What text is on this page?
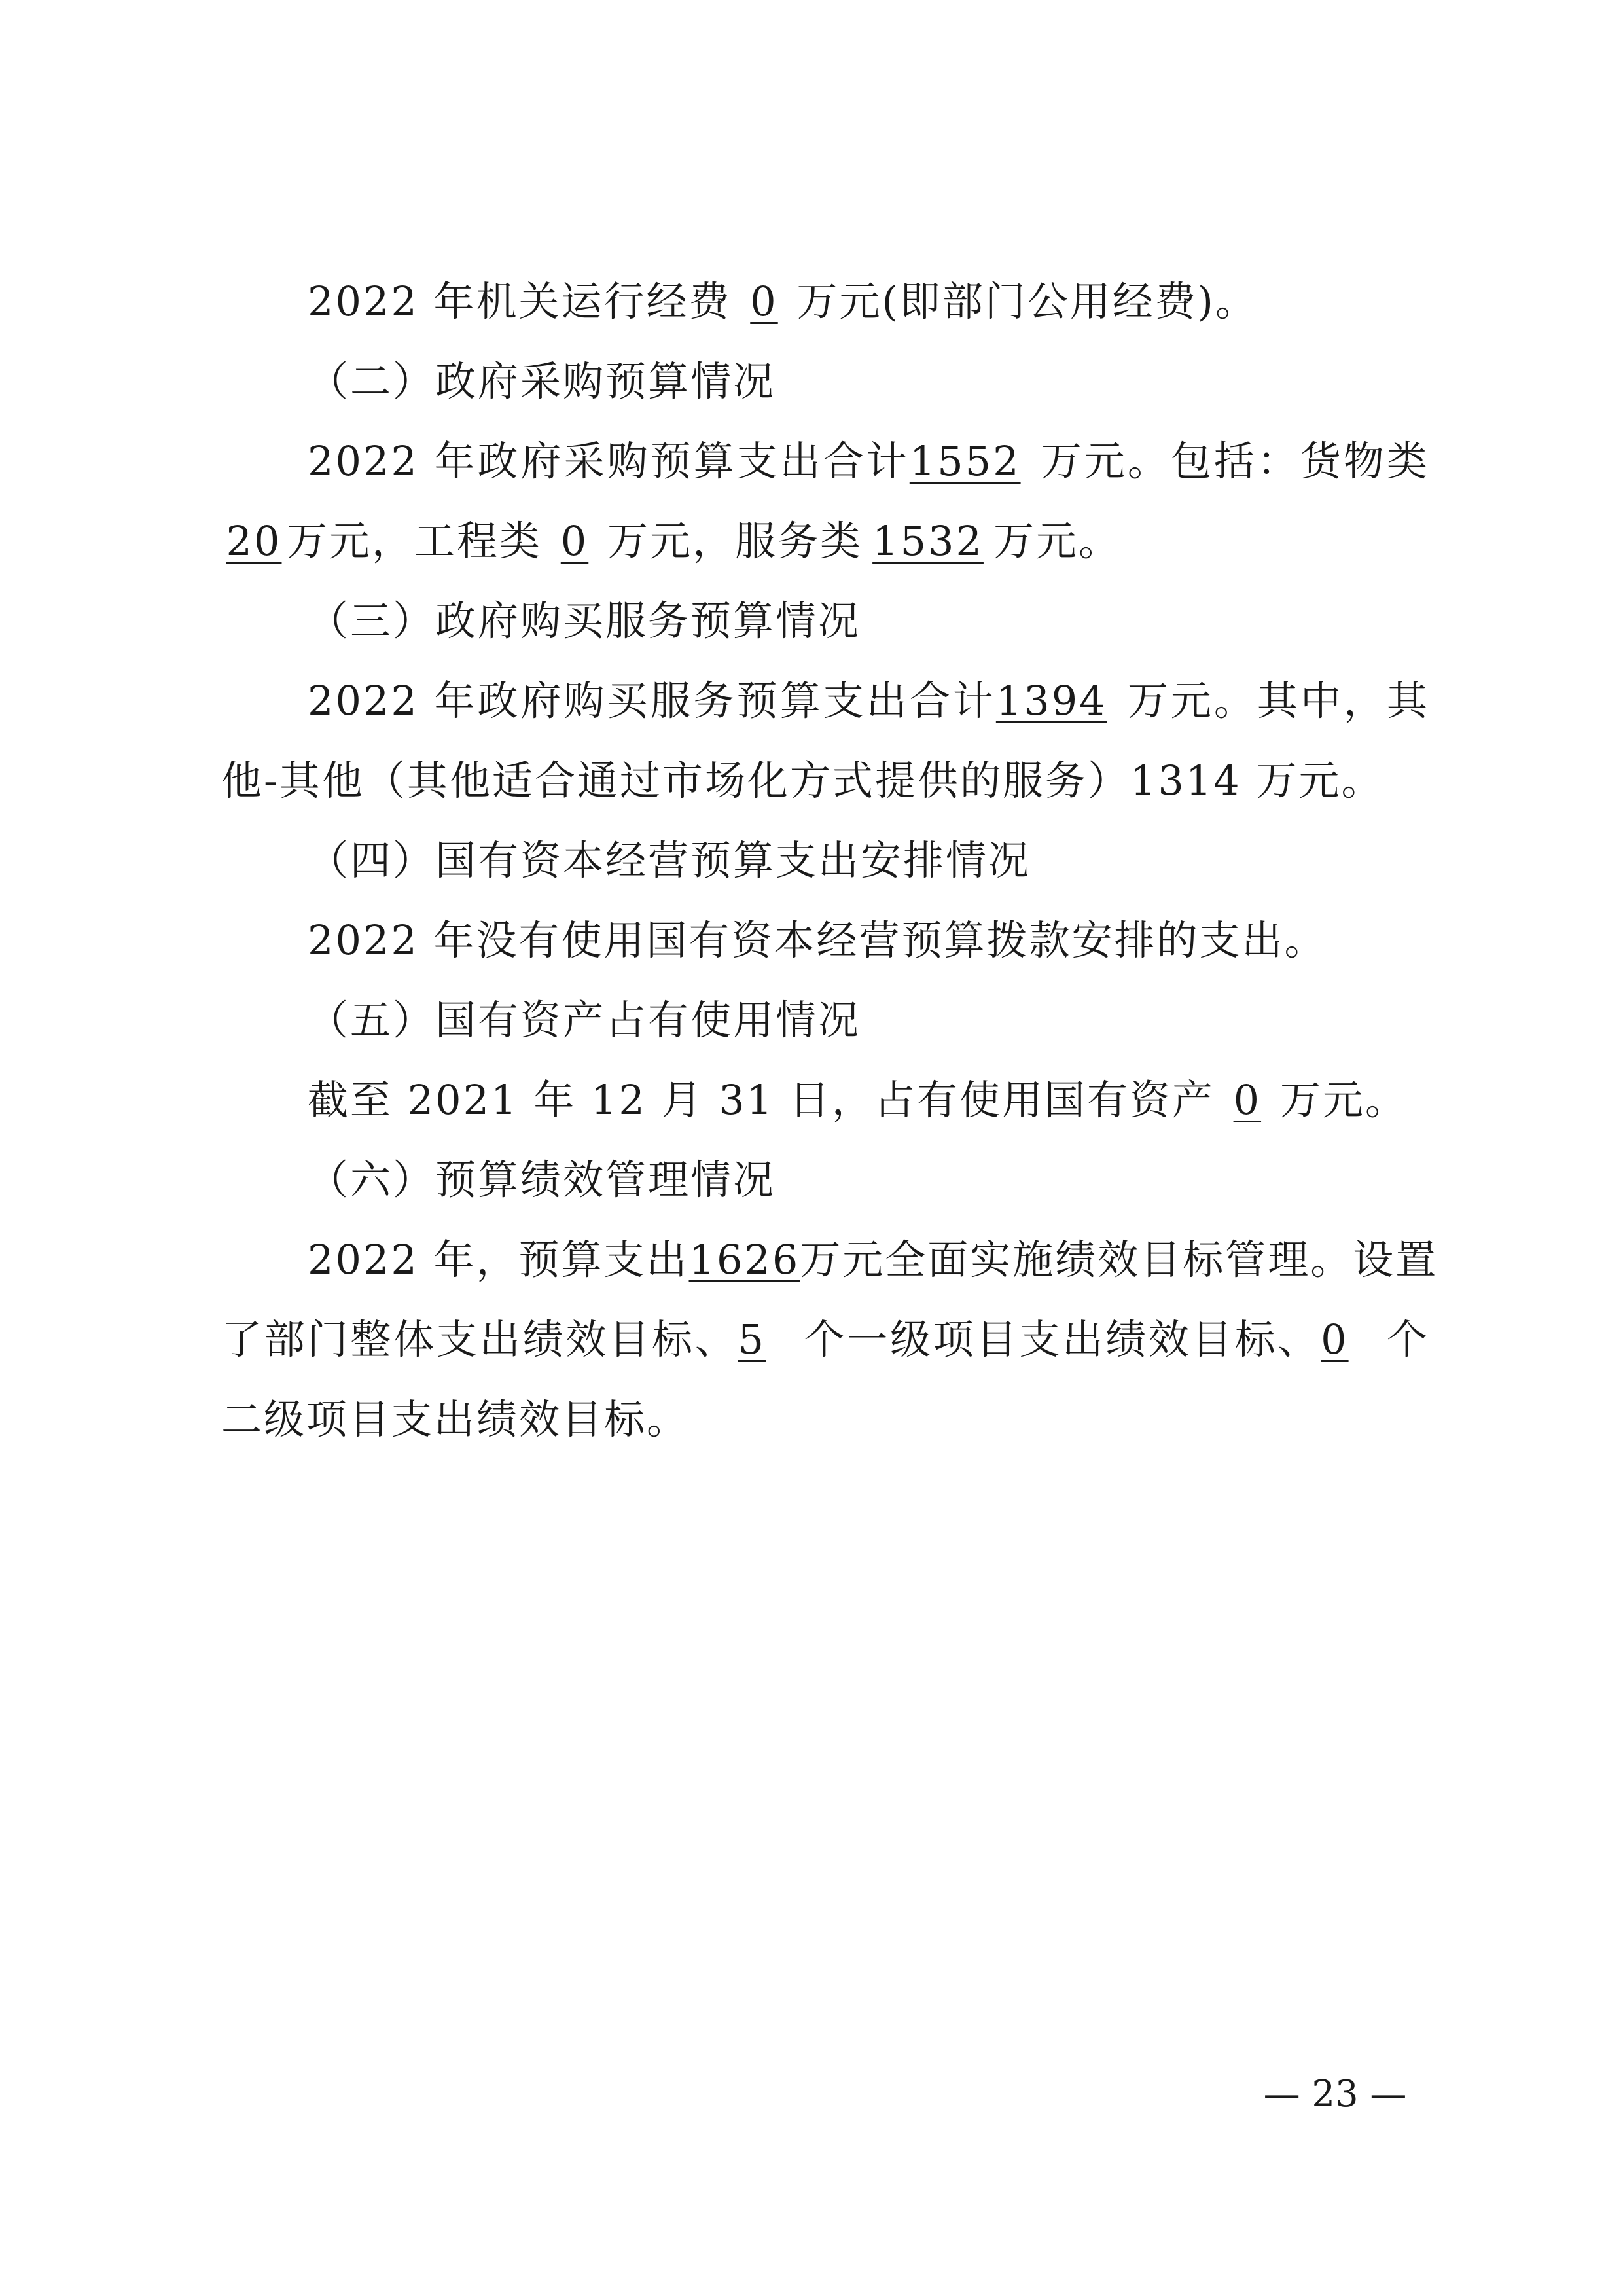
2022 年机关运行经费 0 万元(即部门公用经费)。
（二）政府采购预算情况
2022 年政府采购预算支出合计1552 万元。包括：货物类
20 万元，工程类 0 万元，服务类 1532 万元。
（三）政府购买服务预算情况
2022 年政府购买服务预算支出合计1394 万元。其中，其
他-其他（其他适合通过市场化方式提供的服务）1314 万元。
（四）国有资本经营预算支出安排情况
2022 年没有使用国有资本经营预算拨款安排的支出。
（五）国有资产占有使用情况
截至 2021 年 12 月 31 日，占有使用国有资产 0 万元。
（六）预算绩效管理情况
2022 年，预算支出1626万元全面实施绩效目标管理。设置
了部门整体支出绩效目标、5 个一级项目支出绩效目标、0 个
二级项目支出绩效目标。
— 23 —
